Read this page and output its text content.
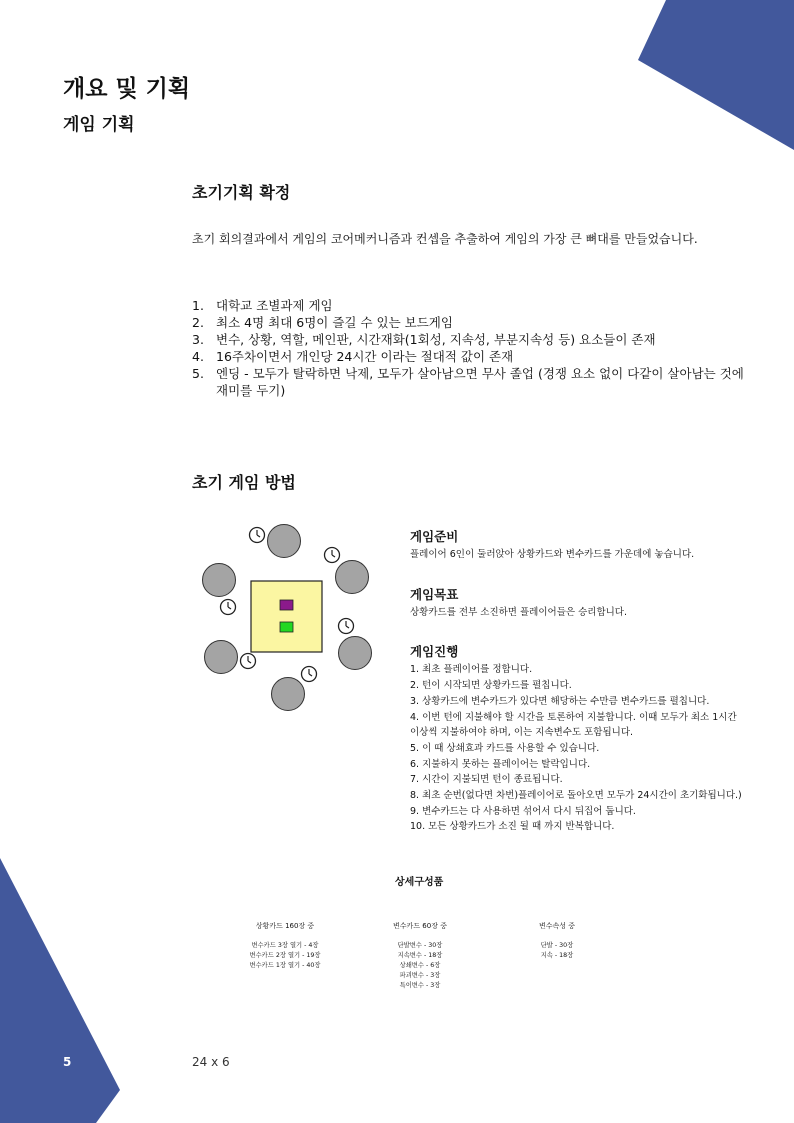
개요 및 기획
게임 기획
초기기획 확정

초기 회의결과에서 게임의 코어메커니즘과 컨셉을 추출하여 게임의 가장 큰 뼈대를 만들었습니다.

1. 대학교 조별과제 게임
2. 최소 4명 최대 6명이 즐길 수 있는 보드게임
3. 변수, 상황, 역할, 메인판, 시간재화(1회성, 지속성, 부분지속성 등) 요소들이 존재
4. 16주차이면서 개인당 24시간 이라는 절대적 값이 존재
5. 엔딩 - 모두가 탈락하면 낙제, 모두가 살아남으면 무사 졸업 (경쟁 요소 없이 다같이 살아남는 것에 재미를 두기)
초기 게임 방법
게임준비

플레이어 6인이 둘러앉아 상황카드와 변수카드를 가운데에 놓습니다.

게임목표

상황카드를 전부 소진하면 플레이어들은 승리합니다.

게임진행
1. 최초 플레이어를 정합니다.
2. 턴이 시작되면 상황카드를 펼칩니다.
3. 상황카드에 변수카드가 있다면 해당하는 수만큼 변수카드를 펼칩니다.
4. 이번 턴에 지불해야 할 시간을 토론하여 지불합니다. 이때 모두가 최소 1시간 이상씩 지불하여야 하며, 이는 지속변수도 포함됩니다.
5. 이 때 상쇄효과 카드를 사용할 수 있습니다.
6. 지불하지 못하는 플레이어는 탈락입니다.
7. 시간이 지불되면 턴이 종료됩니다.
8. 최초 순번(없다면 차번)플레이어로 돌아오면 모두가 24시간이 초기화됩니다.)
9. 변수카드는 다 사용하면 섞어서 다시 뒤집어 둡니다.
10. 모든 상황카드가 소진 될 때 까지 반복합니다.
상세구성품
상황카드 160장 중
변수카드 3장 열기 - 4장
변수카드 2장 열기 - 19장
변수카드 1장 열기 - 40장
변수카드 60장 중
단발변수 - 30장
지속변수 - 18장
상쇄변수 - 6장
파괴변수 - 3장
특이변수 - 3장
변수속성 중
단발 - 30장
지속 - 18장
5	24 x 6
